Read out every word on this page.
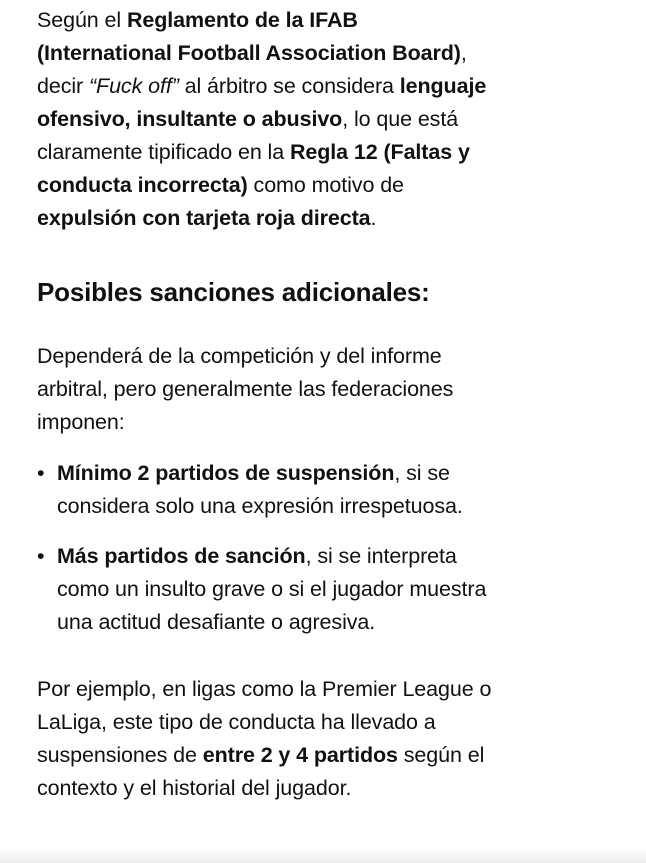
Según el Reglamento de la IFAB
(International Football Association Board),
decir “Fuck off” al árbitro se considera lenguaje
ofensivo, insultante o abusivo, lo que está
claramente tipificado en la Regla 12 (Faltas y
conducta incorrecta) como motivo de
expulsión con tarjeta roja directa.

Posibles sanciones adicionales:
Dependerá de la competición y del informe
arbitral, pero generalmente las federaciones
imponen:
• Mínimo 2 partidos de suspensión, si se
considera solo una expresión irrespetuosa.
• Más partidos de sanción, si se interpreta
como un insulto grave o si el jugador muestra
una actitud desafiante o agresiva.
Por ejemplo, en ligas como la Premier League o
LaLiga, este tipo de conducta ha llevado a
suspensiones de entre 2 y 4 partidos según el
contexto y el historial del jugador.
